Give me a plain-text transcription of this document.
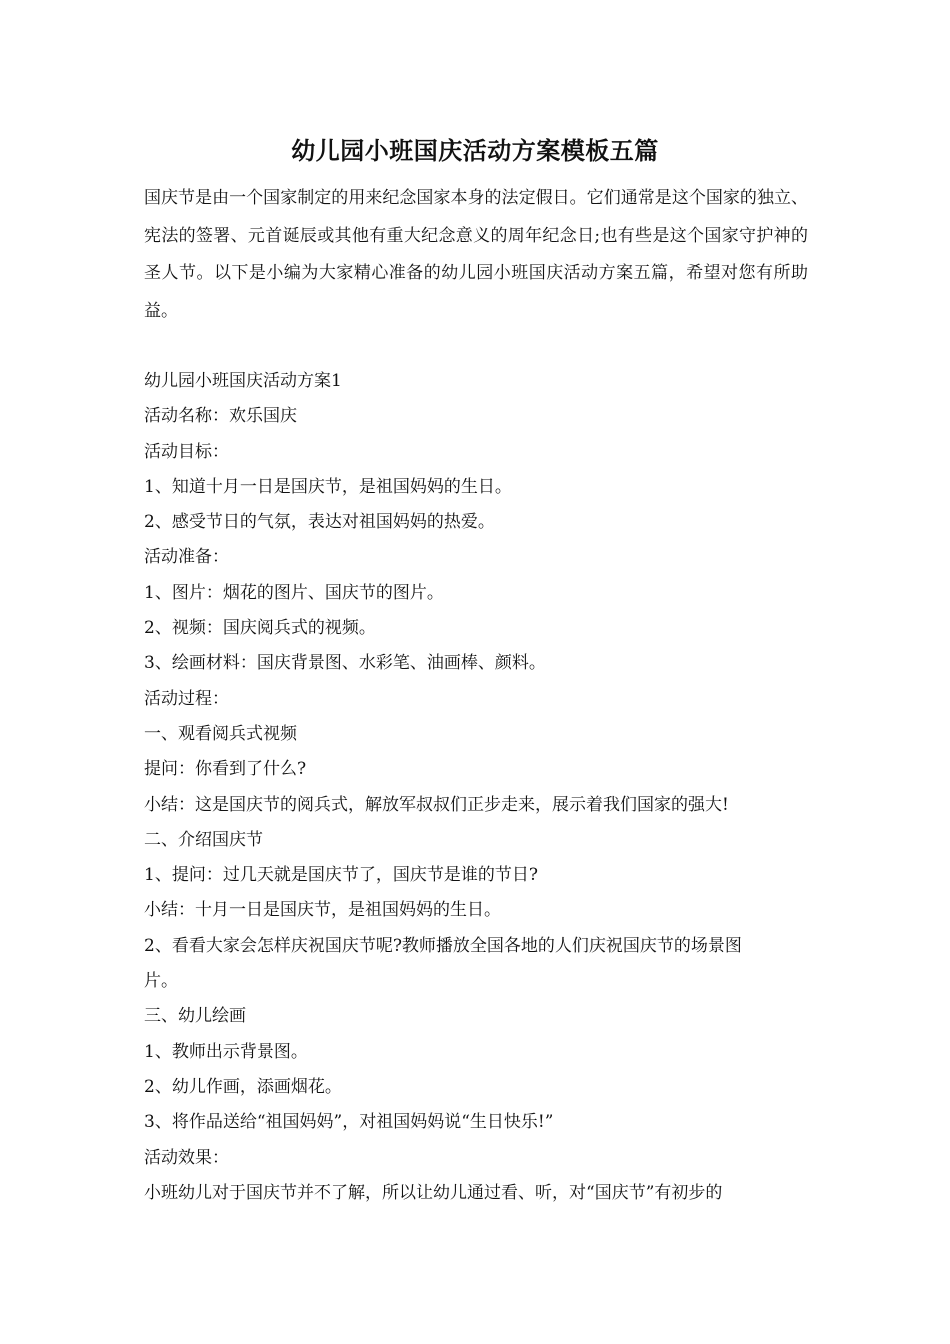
幼儿园小班国庆活动方案模板五篇

国庆节是由一个国家制定的用来纪念国家本身的法定假日。它们通常是这个国家的独立、宪法的签署、元首诞辰或其他有重大纪念意义的周年纪念日;也有些是这个国家守护神的圣人节。以下是小编为大家精心准备的幼儿园小班国庆活动方案五篇，希望对您有所助益。

幼儿园小班国庆活动方案1
活动名称：欢乐国庆
活动目标：
1、知道十月一日是国庆节，是祖国妈妈的生日。
2、感受节日的气氛，表达对祖国妈妈的热爱。
活动准备：
1、图片：烟花的图片、国庆节的图片。
2、视频：国庆阅兵式的视频。
3、绘画材料：国庆背景图、水彩笔、油画棒、颜料。
活动过程：
一、观看阅兵式视频
提问：你看到了什么?
小结：这是国庆节的阅兵式，解放军叔叔们正步走来，展示着我们国家的强大!
二、介绍国庆节
1、提问：过几天就是国庆节了，国庆节是谁的节日?
小结：十月一日是国庆节，是祖国妈妈的生日。
2、看看大家会怎样庆祝国庆节呢?教师播放全国各地的人们庆祝国庆节的场景图
片。
三、幼儿绘画
1、教师出示背景图。
2、幼儿作画，添画烟花。
3、将作品送给“祖国妈妈”，对祖国妈妈说“生日快乐!”
活动效果：
小班幼儿对于国庆节并不了解，所以让幼儿通过看、听，对“国庆节”有初步的
